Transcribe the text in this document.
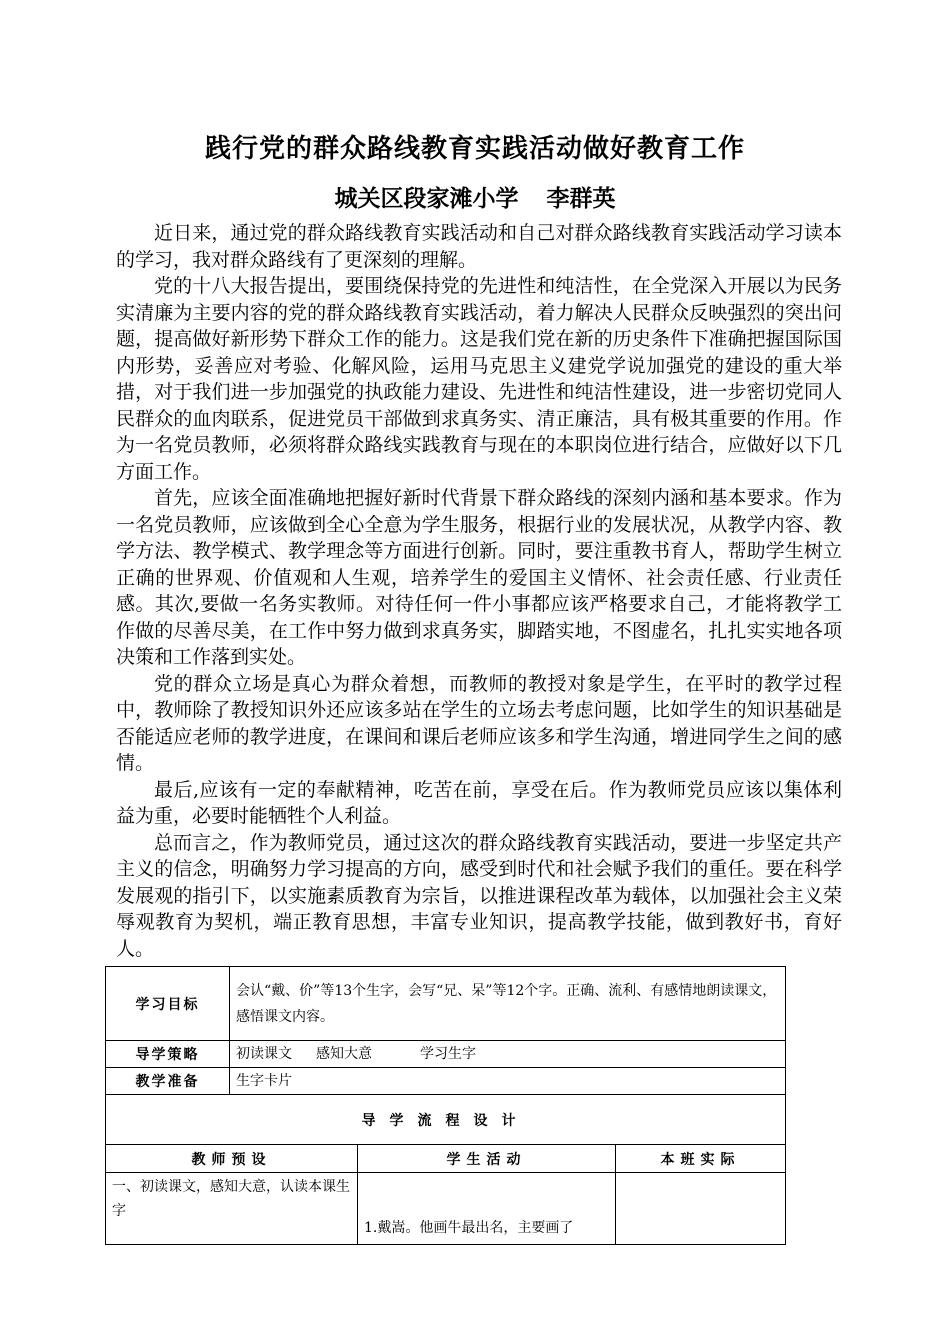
践行党的群众路线教育实践活动做好教育工作
城关区段家滩小学 李群英

近日来，通过党的群众路线教育实践活动和自己对群众路线教育实践活动学习读本的学习，我对群众路线有了更深刻的理解。

党的十八大报告提出，要围绕保持党的先进性和纯洁性，在全党深入开展以为民务实清廉为主要内容的党的群众路线教育实践活动，着力解决人民群众反映强烈的突出问题，提高做好新形势下群众工作的能力。这是我们党在新的历史条件下准确把握国际国内形势，妥善应对考验、化解风险，运用马克思主义建党学说加强党的建设的重大举措，对于我们进一步加强党的执政能力建设、先进性和纯洁性建设，进一步密切党同人民群众的血肉联系，促进党员干部做到求真务实、清正廉洁，具有极其重要的作用。作为一名党员教师，必须将群众路线实践教育与现在的本职岗位进行结合，应做好以下几方面工作。

首先，应该全面准确地把握好新时代背景下群众路线的深刻内涵和基本要求。作为一名党员教师，应该做到全心全意为学生服务，根据行业的发展状况，从教学内容、教学方法、教学模式、教学理念等方面进行创新。同时，要注重教书育人，帮助学生树立正确的世界观、价值观和人生观，培养学生的爱国主义情怀、社会责任感、行业责任感。其次,要做一名务实教师。对待任何一件小事都应该严格要求自己，才能将教学工作做的尽善尽美，在工作中努力做到求真务实，脚踏实地，不图虚名，扎扎实实地各项决策和工作落到实处。

党的群众立场是真心为群众着想，而教师的教授对象是学生，在平时的教学过程中，教师除了教授知识外还应该多站在学生的立场去考虑问题，比如学生的知识基础是否能适应老师的教学进度，在课间和课后老师应该多和学生沟通，增进同学生之间的感情。

最后,应该有一定的奉献精神，吃苦在前，享受在后。作为教师党员应该以集体利益为重，必要时能牺牲个人利益。

总而言之，作为教师党员，通过这次的群众路线教育实践活动，要进一步坚定共产主义的信念，明确努力学习提高的方向，感受到时代和社会赋予我们的重任。要在科学发展观的指引下，以实施素质教育为宗旨，以推进课程改革为载体，以加强社会主义荣辱观教育为契机，端正教育思想，丰富专业知识，提高教学技能，做到教好书，育好人。

学习目标	会认“戴、价”等13个生字，会写“兄、呆”等12个字。正确、流利、有感情地朗读课文，感悟课文内容。		
导学策略	初读课文 感知大意 学习生字		
教学准备	生字卡片		
导学流程设计			
教师预设		学生活动	本班实际
一、初读课文，感知大意，认读本课生字		1.戴嵩。他画牛最出名，主要画了	
